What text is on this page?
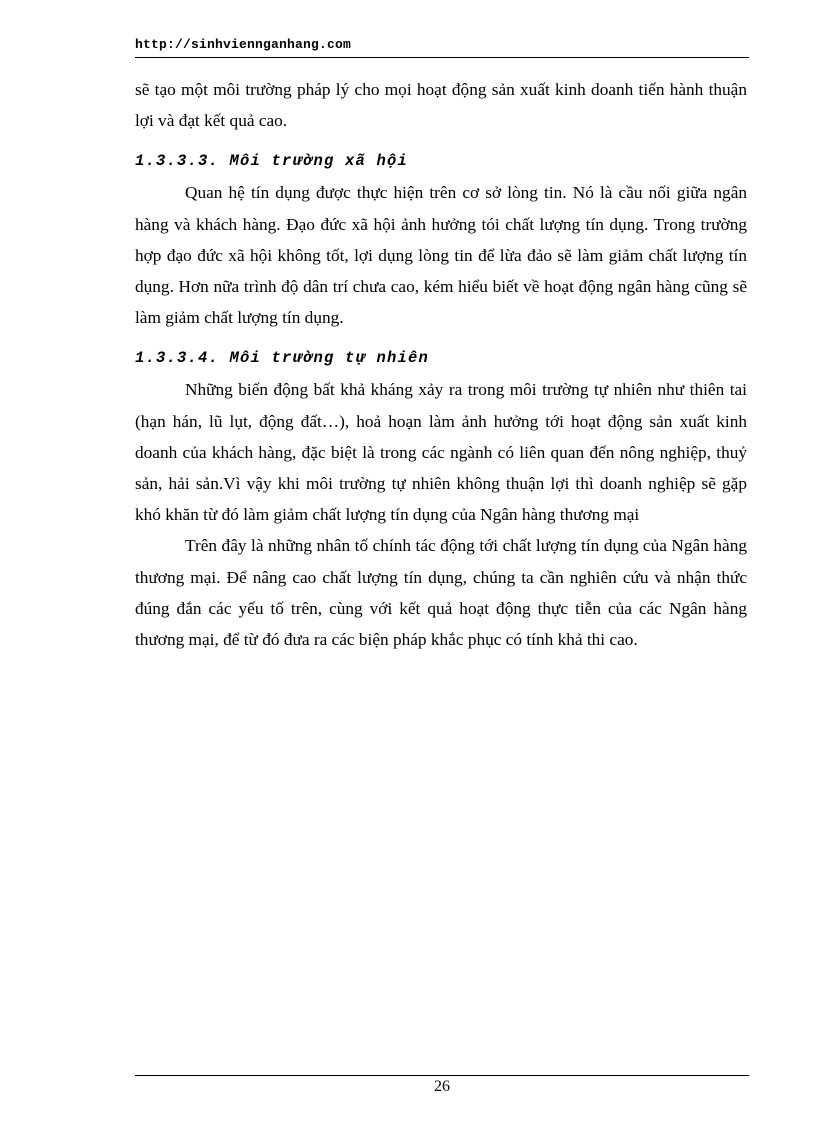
http://sinhviennganhang.com

sẽ tạo một môi trường pháp lý cho mọi hoạt động sản xuất kinh doanh tiến hành thuận lợi và đạt kết quả cao.

1.3.3.3. Môi trường xã hội

Quan hệ tín dụng được thực hiện trên cơ sở lòng tin. Nó là cầu nối giữa ngân hàng và khách hàng. Đạo đức xã hội ảnh hưởng tói chất lượng tín dụng. Trong trường hợp đạo đức xã hội không tốt, lợi dụng lòng tin để lừa đảo sẽ làm giảm chất lượng tín dụng. Hơn nữa trình độ dân trí chưa cao, kém hiểu biết về hoạt động ngân hàng cũng sẽ làm giảm chất lượng tín dụng.

1.3.3.4. Môi trường tự nhiên

Những biến động bất khả kháng xảy ra trong môi trường tự nhiên như thiên tai (hạn hán, lũ lụt, động đất…), hoả hoạn làm ảnh hưởng tới hoạt động sản xuất kinh doanh của khách hàng, đặc biệt là trong các ngành có liên quan đến nông nghiệp, thuỷ sản, hải sản.Vì vậy khi môi trường tự nhiên không thuận lợi thì doanh nghiệp sẽ gặp khó khăn từ đó làm giảm chất lượng tín dụng của Ngân hàng thương mại

Trên đây là những nhân tố chính tác động tới chất lượng tín dụng của Ngân hàng thương mại. Để nâng cao chất lượng tín dụng, chúng ta cần nghiên cứu và nhận thức đúng đắn các yếu tố trên, cùng với kết quả hoạt động thực tiễn của các Ngân hàng thương mại, để từ đó đưa ra các biện pháp khắc phục có tính khả thi cao.

26
